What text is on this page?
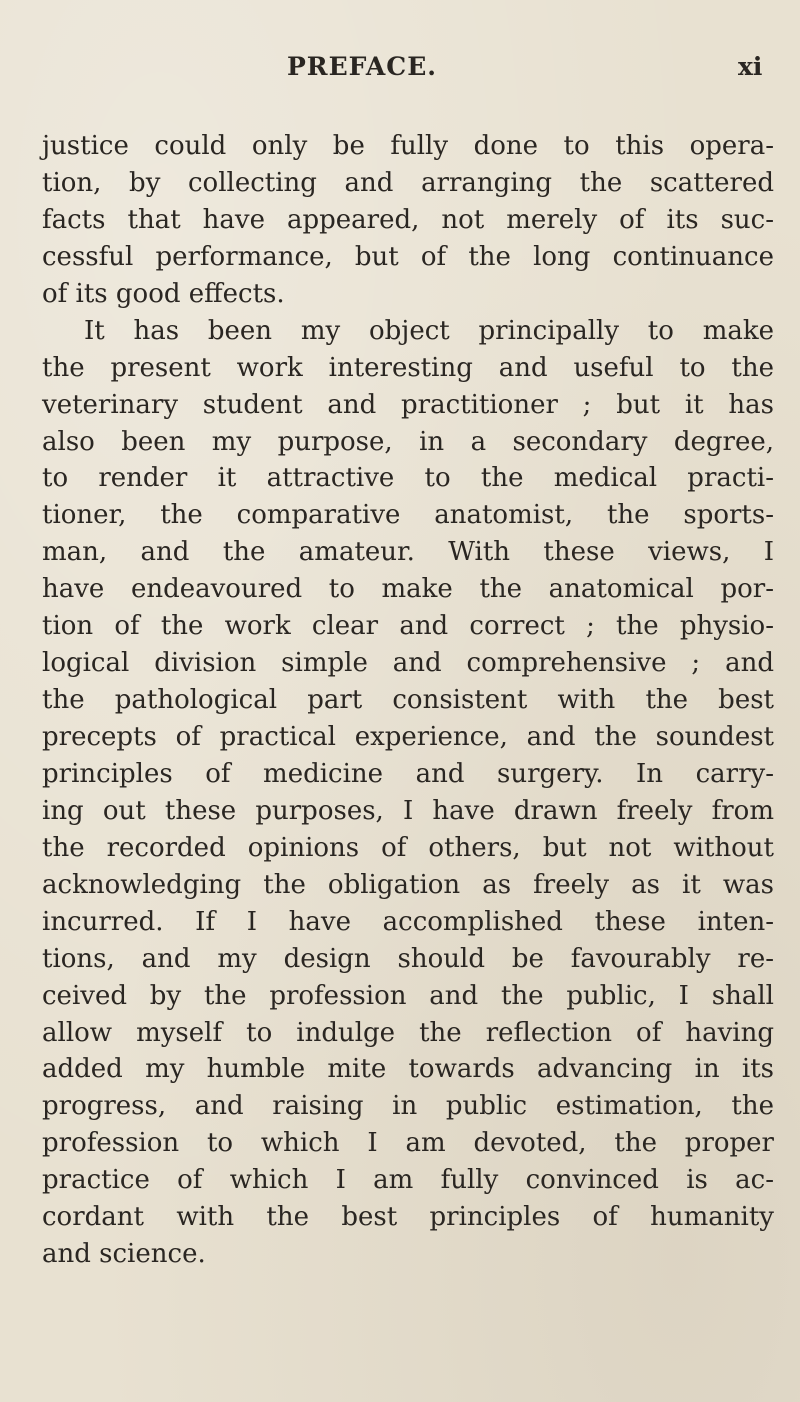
PREFACE.	xi
justice could only be fully done to this opera-
tion, by collecting and arranging the scattered
facts that have appeared, not merely of its suc-
cessful performance, but of the long continuance
of its good effects.
It has been my object principally to make
the present work interesting and useful to the
veterinary student and practitioner ; but it has
also been my purpose, in a secondary degree,
to render it attractive to the medical practi-
tioner, the comparative anatomist, the sports-
man, and the amateur. With these views, I
have endeavoured to make the anatomical por-
tion of the work clear and correct ; the physio-
logical division simple and comprehensive ; and
the pathological part consistent with the best
precepts of practical experience, and the soundest
principles of medicine and surgery. In carry-
ing out these purposes, I have drawn freely from
the recorded opinions of others, but not without
acknowledging the obligation as freely as it was
incurred. If I have accomplished these inten-
tions, and my design should be favourably re-
ceived by the profession and the public, I shall
allow myself to indulge the reflection of having
added my humble mite towards advancing in its
progress, and raising in public estimation, the
profession to which I am devoted, the proper
practice of which I am fully convinced is ac-
cordant with the best principles of humanity
and science.
